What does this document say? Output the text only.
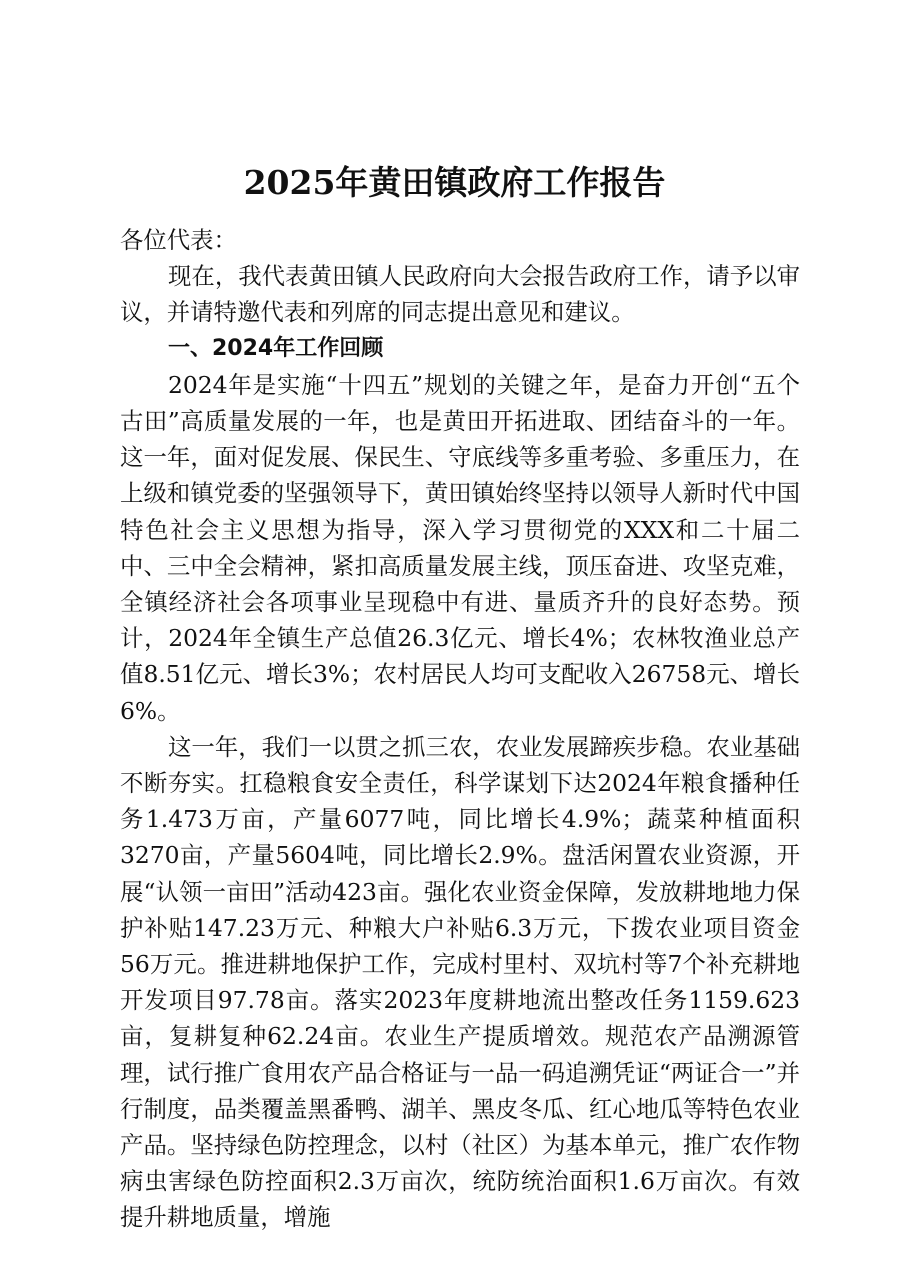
2025年黄田镇政府工作报告

各位代表：

现在，我代表黄田镇人民政府向大会报告政府工作，请予以审议，并请特邀代表和列席的同志提出意见和建议。

一、2024年工作回顾

2024年是实施“十四五”规划的关键之年，是奋力开创“五个古田”高质量发展的一年，也是黄田开拓进取、团结奋斗的一年。这一年，面对促发展、保民生、守底线等多重考验、多重压力，在上级和镇党委的坚强领导下，黄田镇始终坚持以领导人新时代中国特色社会主义思想为指导，深入学习贯彻党的XXX和二十届二中、三中全会精神，紧扣高质量发展主线，顶压奋进、攻坚克难，全镇经济社会各项事业呈现稳中有进、量质齐升的良好态势。预计，2024年全镇生产总值26.3亿元、增长4%；农林牧渔业总产值8.51亿元、增长3%；农村居民人均可支配收入26758元、增长6%。

这一年，我们一以贯之抓三农，农业发展蹄疾步稳。农业基础不断夯实。扛稳粮食安全责任，科学谋划下达2024年粮食播种任务1.473万亩，产量6077吨，同比增长4.9%；蔬菜种植面积3270亩，产量5604吨，同比增长2.9%。盘活闲置农业资源，开展“认领一亩田”活动423亩。强化农业资金保障，发放耕地地力保护补贴147.23万元、种粮大户补贴6.3万元，下拨农业项目资金56万元。推进耕地保护工作，完成村里村、双坑村等7个补充耕地开发项目97.78亩。落实2023年度耕地流出整改任务1159.623亩，复耕复种62.24亩。农业生产提质增效。规范农产品溯源管理，试行推广食用农产品合格证与一品一码追溯凭证“两证合一”并行制度，品类覆盖黑番鸭、湖羊、黑皮冬瓜、红心地瓜等特色农业产品。坚持绿色防控理念，以村（社区）为基本单元，推广农作物病虫害绿色防控面积2.3万亩次，统防统治面积1.6万亩次。有效提升耕地质量，增施
